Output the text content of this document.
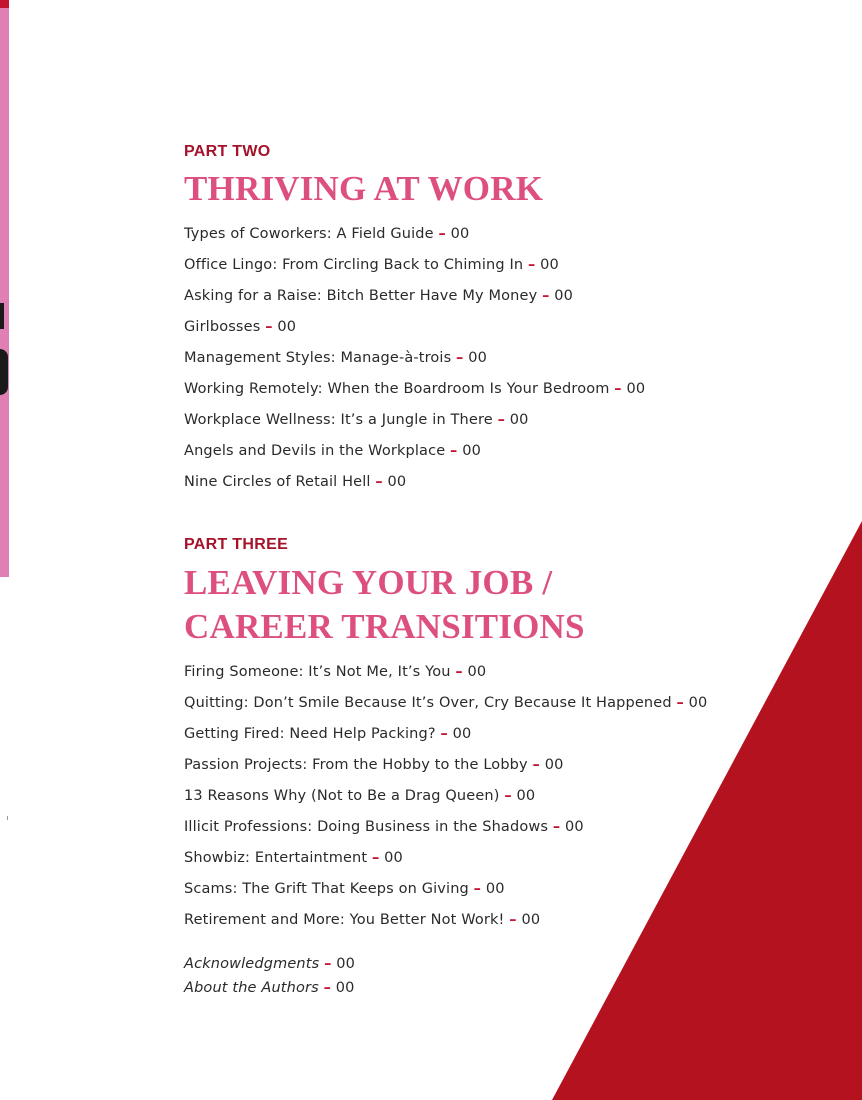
PART TWO
THRIVING AT WORK
Types of Coworkers: A Field Guide – 00
Office Lingo: From Circling Back to Chiming In – 00
Asking for a Raise: Bitch Better Have My Money – 00
Girlbosses – 00
Management Styles: Manage-à-trois – 00
Working Remotely: When the Boardroom Is Your Bedroom – 00
Workplace Wellness: It’s a Jungle in There – 00
Angels and Devils in the Workplace – 00
Nine Circles of Retail Hell – 00
PART THREE
LEAVING YOUR JOB /
CAREER TRANSITIONS
Firing Someone: It’s Not Me, It’s You – 00
Quitting: Don’t Smile Because It’s Over, Cry Because It Happened – 00
Getting Fired: Need Help Packing? – 00
Passion Projects: From the Hobby to the Lobby – 00
13 Reasons Why (Not to Be a Drag Queen) – 00
Illicit Professions: Doing Business in the Shadows – 00
Showbiz: Entertaintment – 00
Scams: The Grift That Keeps on Giving – 00
Retirement and More: You Better Not Work! – 00
Acknowledgments – 00
About the Authors – 00
